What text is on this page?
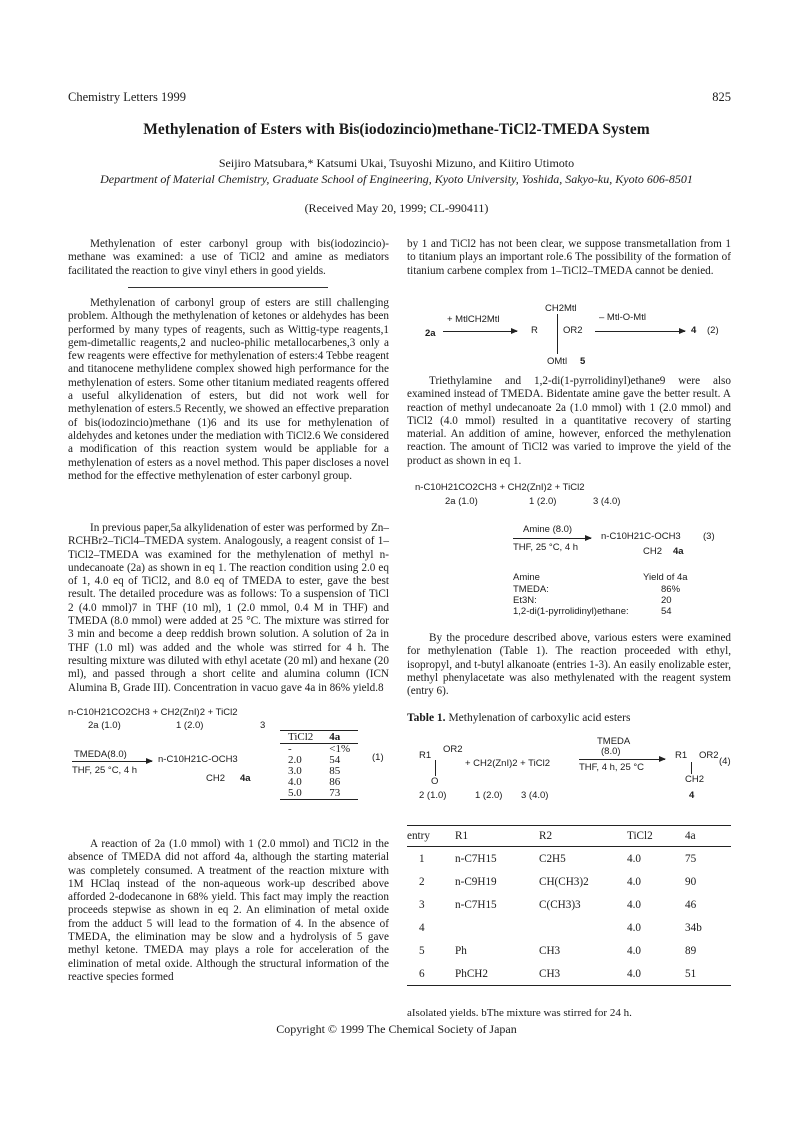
Chemistry Letters 1999	825
Methylenation of Esters with Bis(iodozincio)methane-TiCl2-TMEDA System
Seijiro Matsubara,* Katsumi Ukai, Tsuyoshi Mizuno, and Kiitiro Utimoto
Department of Material Chemistry, Graduate School of Engineering, Kyoto University, Yoshida, Sakyo-ku, Kyoto 606-8501
(Received May 20, 1999; CL-990411)

Methylenation of ester carbonyl group with bis(iodozincio)-methane was examined: a use of TiCl2 and amine as mediators facilitated the reaction to give vinyl ethers in good yields.

Methylenation of carbonyl group of esters are still challenging problem. Although the methylenation of ketones or aldehydes has been performed by many types of reagents, such as Wittig-type reagents,1 gem-dimetallic reagents,2 and nucleo-philic metallocarbenes,3 only a few reagents were effective for methylenation of esters:4 Tebbe reagent and titanocene methylidene complex showed high performance for the methylenation of esters. Some other titanium mediated reagents offered a useful alkylidenation of esters, but did not work well for methylenation of esters.5 Recently, we showed an effective preparation of bis(iodozincio)methane (1)6 and its use for methylenation of aldehydes and ketones under the mediation with TiCl2.6 We considered a modification of this reaction system would be appliable for a methylenation of esters as a novel method. This paper discloses a novel method for the effective methylenation of ester carbonyl group.

In previous paper,5a alkylidenation of ester was performed by Zn–RCHBr2–TiCl4–TMEDA system. Analogously, a reagent consist of 1–TiCl2–TMEDA was examined for the methylenation of methyl n-undecanoate (2a) as shown in eq 1. The reaction condition using 2.0 eq of 1, 4.0 eq of TiCl2, and 8.0 eq of TMEDA to ester, gave the best result. The detailed procedure was as follows: To a suspension of TiCl 2 (4.0 mmol)7 in THF (10 ml), 1 (2.0 mmol, 0.4 M in THF) and TMEDA (8.0 mmol) were added at 25 °C. The mixture was stirred for 3 min and become a deep reddish brown solution. A solution of 2a in THF (1.0 ml) was added and the whole was stirred for 4 h. The resulting mixture was diluted with ethyl acetate (20 ml) and hexane (20 ml), and passed through a short celite and alumina column (ICN Alumina B, Grade III). Concentration in vacuo gave 4a in 86% yield.8

n-C10H21CO2CH3 + CH2(ZnI)2 + TiCl2
2a (1.0)	1 (2.0)	3
TMEDA(8.0)
THF, 25 °C, 4 h
n-C10H21C-OCH3
CH2 4a
TiCl2	4a
-	<1%
2.0	54
3.0	85
4.0	86
5.0	73
(1)

A reaction of 2a (1.0 mmol) with 1 (2.0 mmol) and TiCl2 in the absence of TMEDA did not afford 4a, although the starting material was completely consumed. A treatment of the reaction mixture with 1M HClaq instead of the non-aqueous work-up described above afforded 2-dodecanone in 68% yield. This fact may imply the reaction proceeds stepwise as shown in eq 2. An elimination of metal oxide from the adduct 5 will lead to the formation of 4. In the absence of TMEDA, the elimination may be slow and a hydrolysis of 5 gave methyl ketone. TMEDA may plays a role for acceleration of the elimination of metal oxide. Although the structural information of the reactive species formed

by 1 and TiCl2 has not been clear, we suppose transmetallation from 1 to titanium plays an important role.6 The possibility of the formation of titanium carbene complex from 1–TiCl2–TMEDA cannot be denied.

2a
+ MtlCH2Mtl
CH2Mtl
R	OR2
OMtl
– Mtl-O-Mtl
4 (2)
5

Triethylamine and 1,2-di(1-pyrrolidinyl)ethane9 were also examined instead of TMEDA. Bidentate amine gave the better result. A reaction of methyl undecanoate 2a (1.0 mmol) with 1 (2.0 mmol) and TiCl2 (4.0 mmol) resulted in a quantitative recovery of starting material. An addition of amine, however, enforced the methylenation reaction. The amount of TiCl2 was varied to improve the yield of the product as shown in eq 1.

n-C10H21CO2CH3 + CH2(ZnI)2 + TiCl2
2a (1.0)	1 (2.0)	3 (4.0)
Amine (8.0)
THF, 25 °C, 4 h
n-C10H21C-OCH3
CH2 4a
(3)
Amine	Yield of 4a
TMEDA:	86%
Et3N:	20
1,2-di(1-pyrrolidinyl)ethane:	54

By the procedure described above, various esters were examined for methylenation (Table 1). The reaction proceeded with ethyl, isopropyl, and t-butyl alkanoate (entries 1-3). An easily enolizable ester, methyl phenylacetate was also methylenated with the reagent system (entry 6).

Table 1. Methylenation of carboxylic acid esters
R1
OR2
O
+ CH2(ZnI)2 + TiCl2
TMEDA
(8.0)
THF, 4 h, 25 °C
R1 OR2
CH2
(4)
2 (1.0)	1 (2.0) 3 (4.0)	4
entry	R1	R2	TiCl2	4a
1	n-C7H15	C2H5	4.0	75
2	n-C9H19	CH(CH3)2	4.0	90
3	n-C7H15	C(CH3)3	4.0	46
4			4.0	34b
5	Ph	CH3	4.0	89
6	PhCH2	CH3	4.0	51
aIsolated yields. bThe mixture was stirred for 24 h.
Copyright © 1999 The Chemical Society of Japan
